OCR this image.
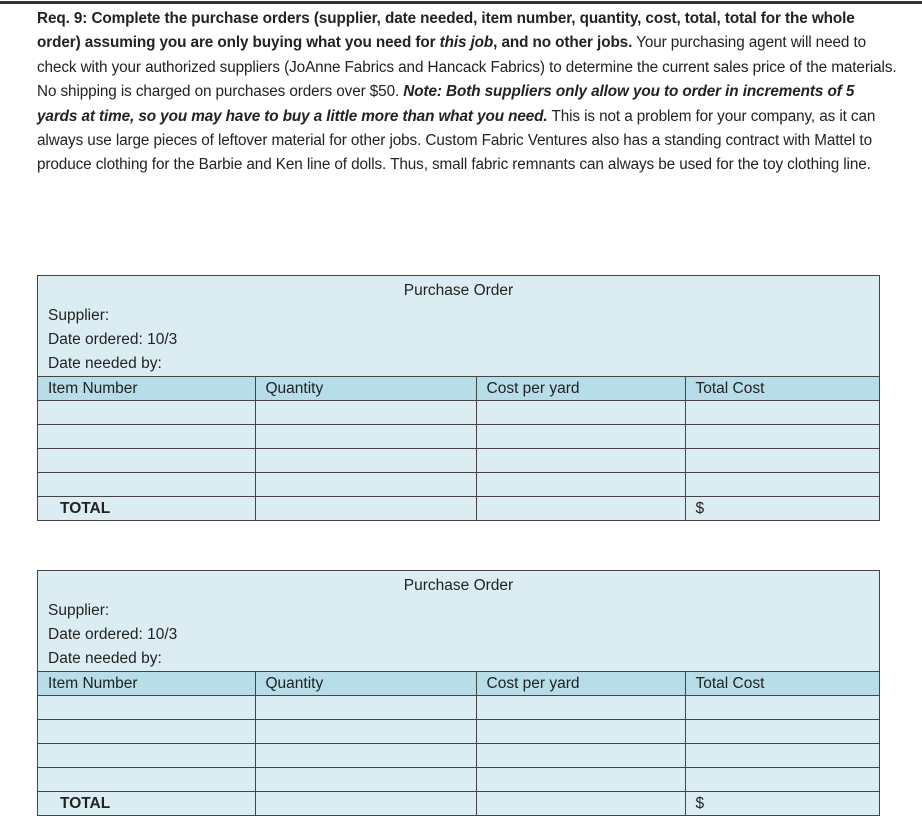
Req. 9: Complete the purchase orders (supplier, date needed, item number, quantity, cost, total, total for the whole order) assuming you are only buying what you need for this job, and no other jobs. Your purchasing agent will need to check with your authorized suppliers (JoAnne Fabrics and Hancack Fabrics) to determine the current sales price of the materials. No shipping is charged on purchases orders over $50. Note: Both suppliers only allow you to order in increments of 5 yards at time, so you may have to buy a little more than what you need. This is not a problem for your company, as it can always use large pieces of leftover material for other jobs. Custom Fabric Ventures also has a standing contract with Mattel to produce clothing for the Barbie and Ken line of dolls. Thus, small fabric remnants can always be used for the toy clothing line.
Purchase Order
Supplier:
Date ordered: 10/3
Date needed by:
Item Number	Quantity	Cost per yard	Total Cost

TOTAL			$
Purchase Order
Supplier:
Date ordered: 10/3
Date needed by:
Item Number	Quantity	Cost per yard	Total Cost

TOTAL			$
